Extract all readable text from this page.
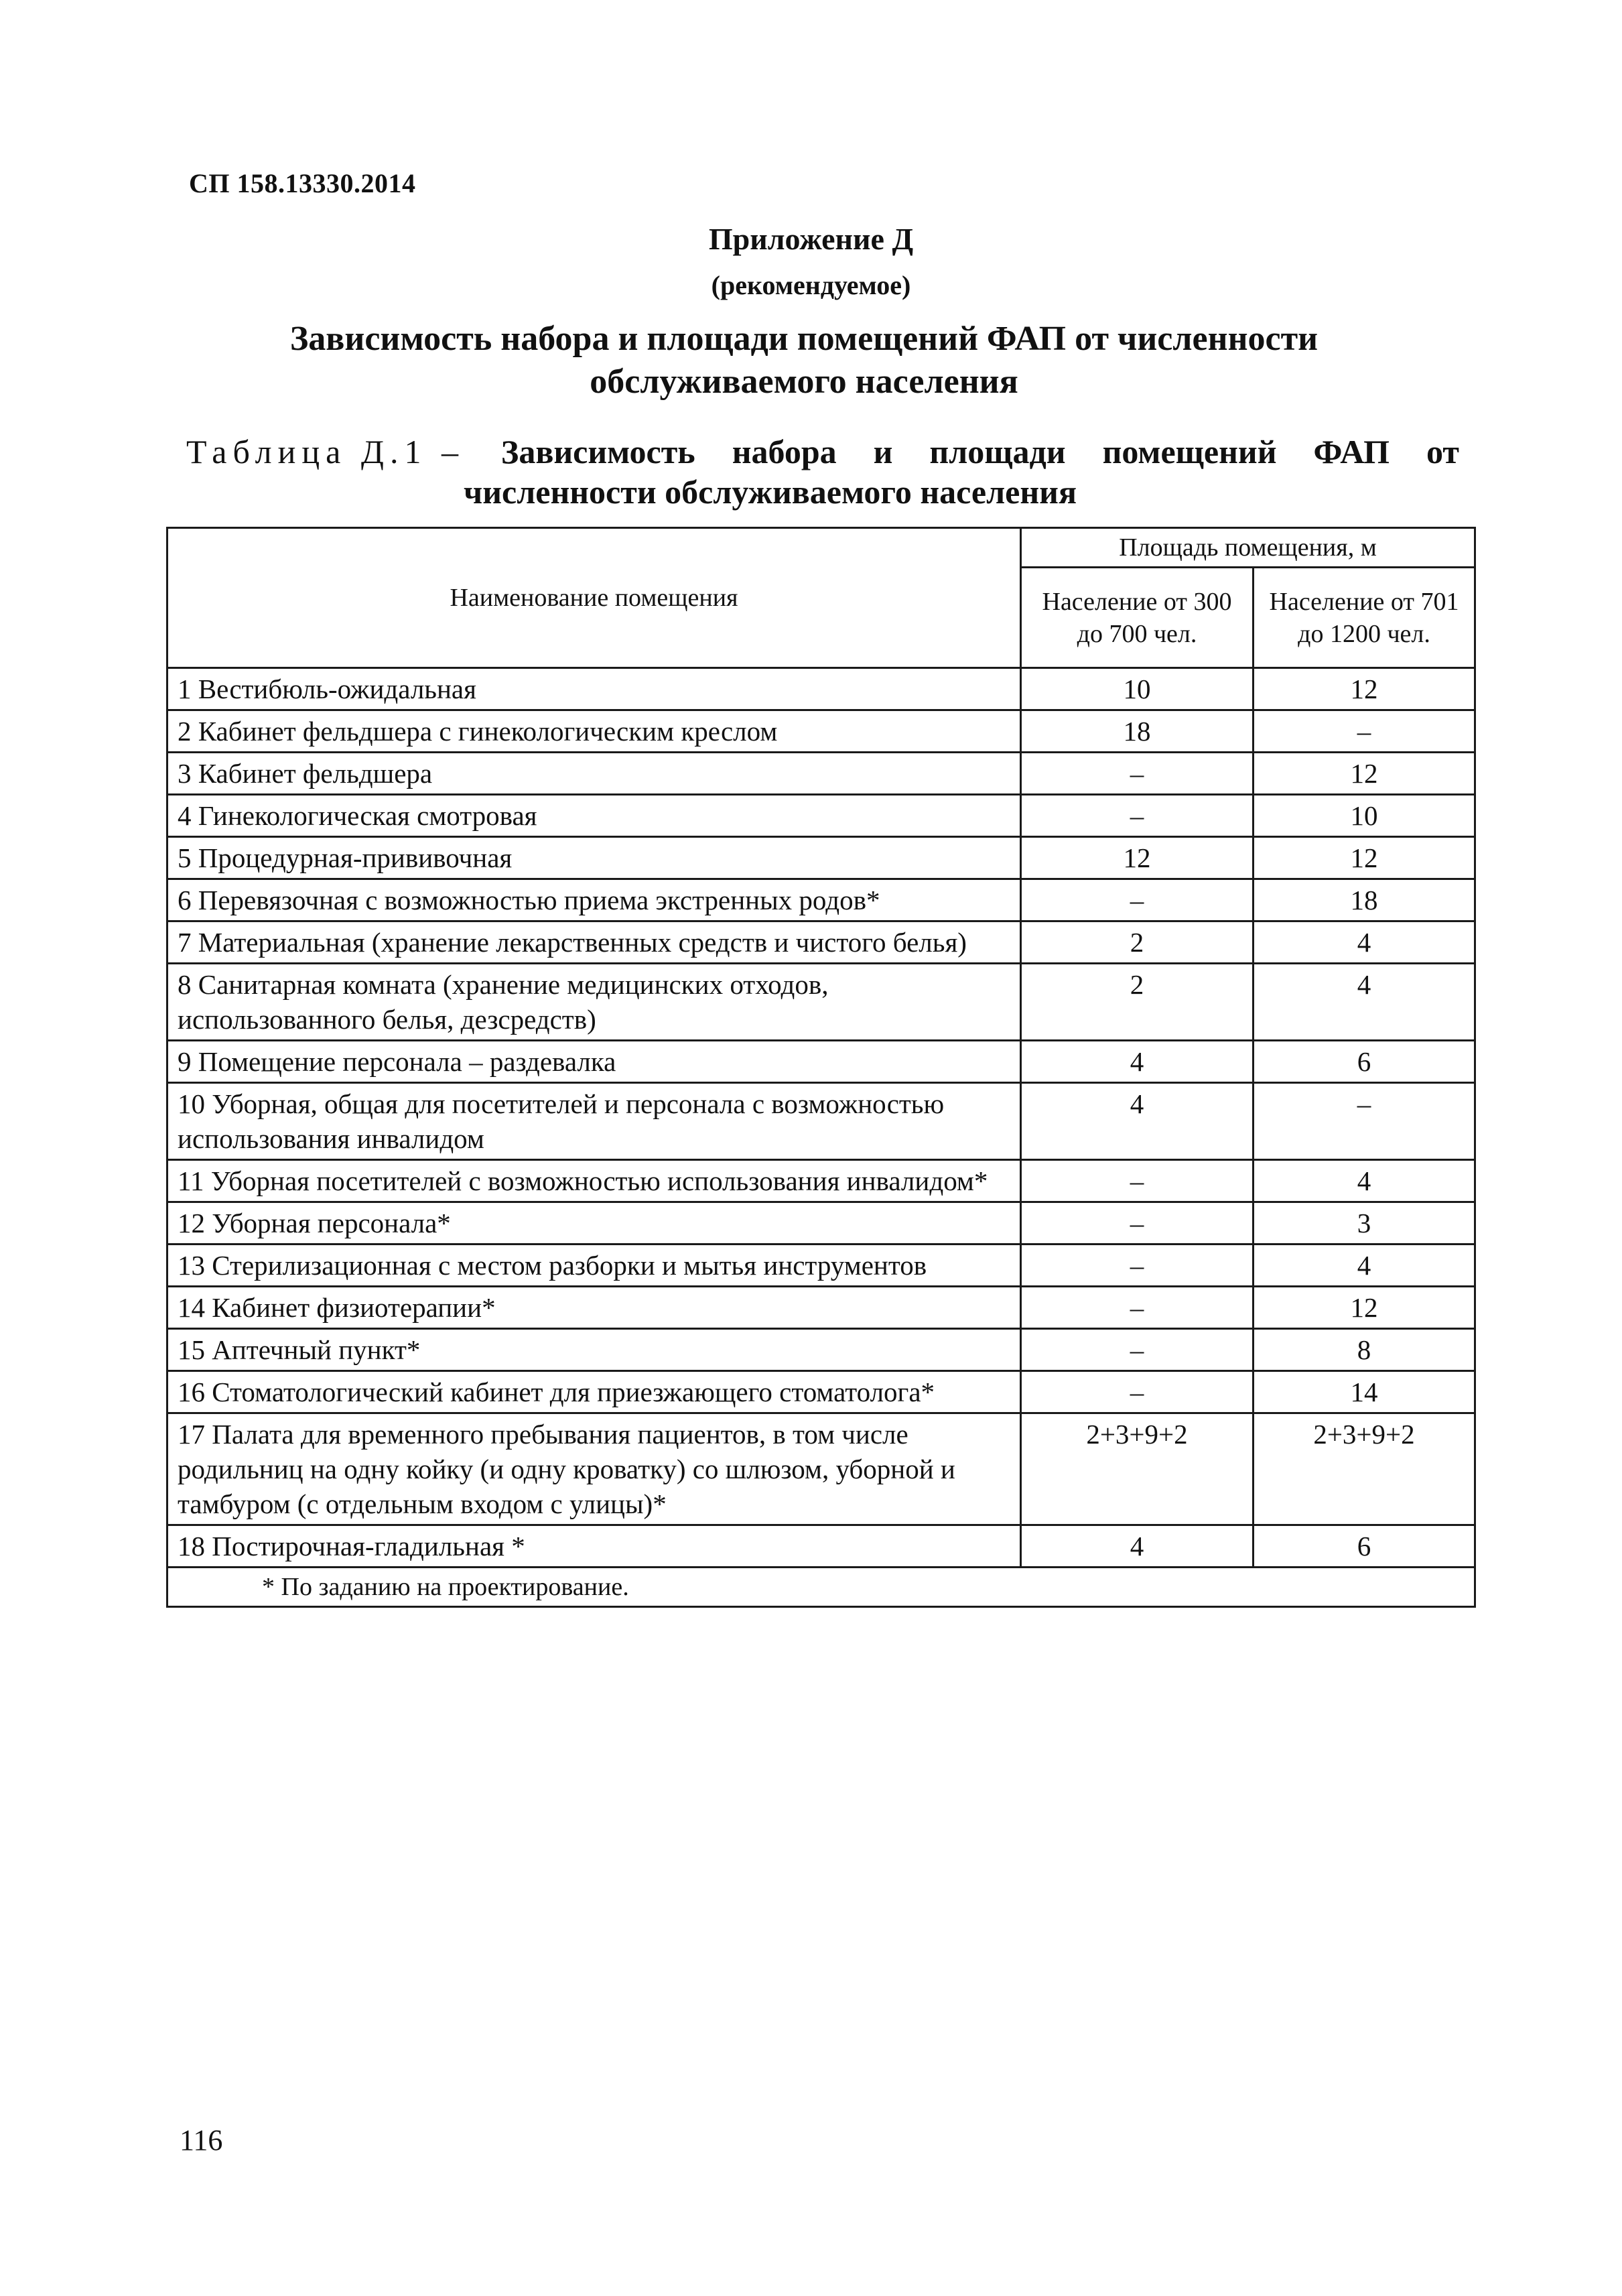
СП 158.13330.2014
Приложение Д
(рекомендуемое)
Зависимость набора и площади помещений ФАП от численности обслуживаемого населения
Таблица Д.1 – Зависимость набора и площади помещений ФАП от
численности обслуживаемого населения
Наименование помещения	Площадь помещения, м	
	Население от 300 до 700 чел.	Население от 701 до 1200 чел.
1 Вестибюль-ожидальная	10	12
2 Кабинет фельдшера с гинекологическим креслом	18	–
3 Кабинет фельдшера	–	12
4 Гинекологическая смотровая	–	10
5 Процедурная-прививочная	12	12
6 Перевязочная с возможностью приема экстренных родов*	–	18
7 Материальная (хранение лекарственных средств и чистого белья)	2	4
8 Санитарная комната (хранение медицинских отходов, использованного белья, дезсредств)	2	4
9 Помещение персонала – раздевалка	4	6
10 Уборная, общая для посетителей и персонала с возможностью использования инвалидом	4	–
11 Уборная посетителей с возможностью использования инвалидом*	–	4
12 Уборная персонала*	–	3
13 Стерилизационная с местом разборки и мытья инструментов	–	4
14 Кабинет физиотерапии*	–	12
15 Аптечный пункт*	–	8
16 Стоматологический кабинет для приезжающего стоматолога*	–	14
17 Палата для временного пребывания пациентов, в том числе родильниц на одну койку (и одну кроватку) со шлюзом, уборной и тамбуром (с отдельным входом с улицы)*	2+3+9+2	2+3+9+2
18 Постирочная-гладильная *	4	6
* По заданию на проектирование.		
116
